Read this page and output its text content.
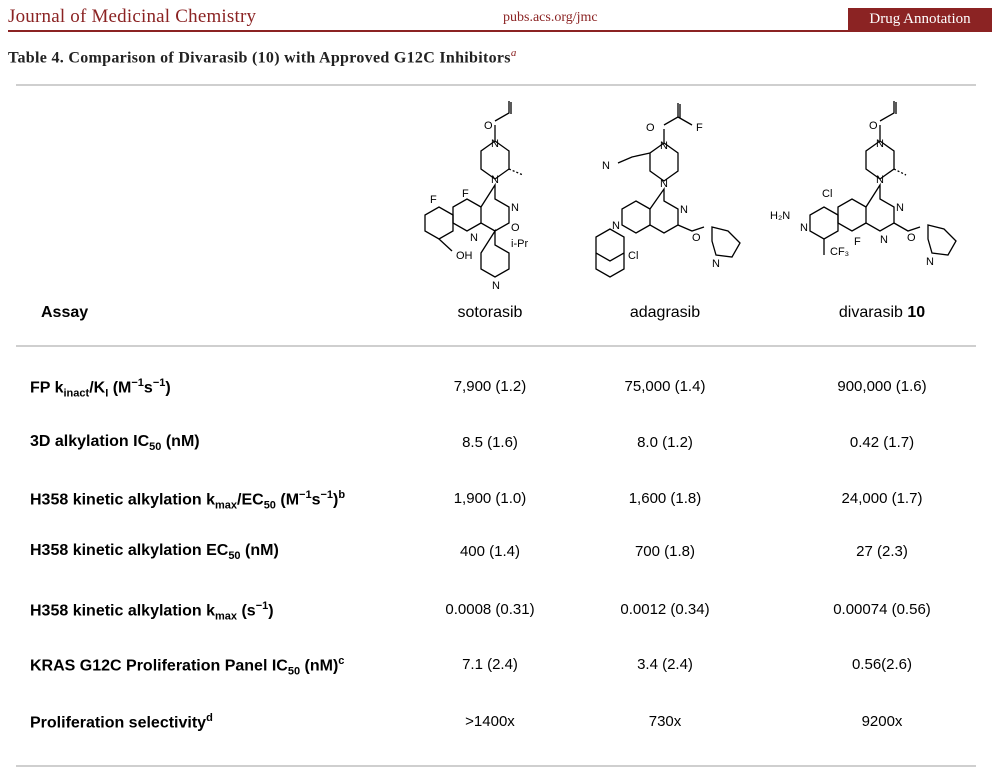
Journal of Medicinal Chemistry	pubs.acs.org/jmc	Drug Annotation
Table 4. Comparison of Divarasib (10) with Approved G12C Inhibitors$^a$
O
N
N
N
O
F
N
F
OH
i-Pr
N
O	F
N
N
N
N
N
O
N
Cl
O
N
N
N
N
Cl
F	O
N
H₂N
CF₃
N
Assay	sotorasib	adagrasib	divarasib 10
FP $k_{inact}/K_I$ $(M^{-1}s^{-1})$	7,900 (1.2)	75,000 (1.4)	900,000 (1.6)
3D alkylation $IC_{50}$ (nM)	8.5 (1.6)	8.0 (1.2)	0.42 (1.7)
H358 kinetic alkylation $k_{max}/EC_{50}$ $(M^{-1}s^{-1})^b$	1,900 (1.0)	1,600 (1.8)	24,000 (1.7)
H358 kinetic alkylation $EC_{50}$ (nM)	400 (1.4)	700 (1.8)	27 (2.3)
H358 kinetic alkylation $k_{max}$ $(s^{-1})$	0.0008 (0.31)	0.0012 (0.34)	0.00074 (0.56)
KRAS G12C Proliferation Panel $IC_{50}$ (nM)$^c$	7.1 (2.4)	3.4 (2.4)	0.56(2.6)
Proliferation selectivity$^d$	>1400x	730x	9200x
